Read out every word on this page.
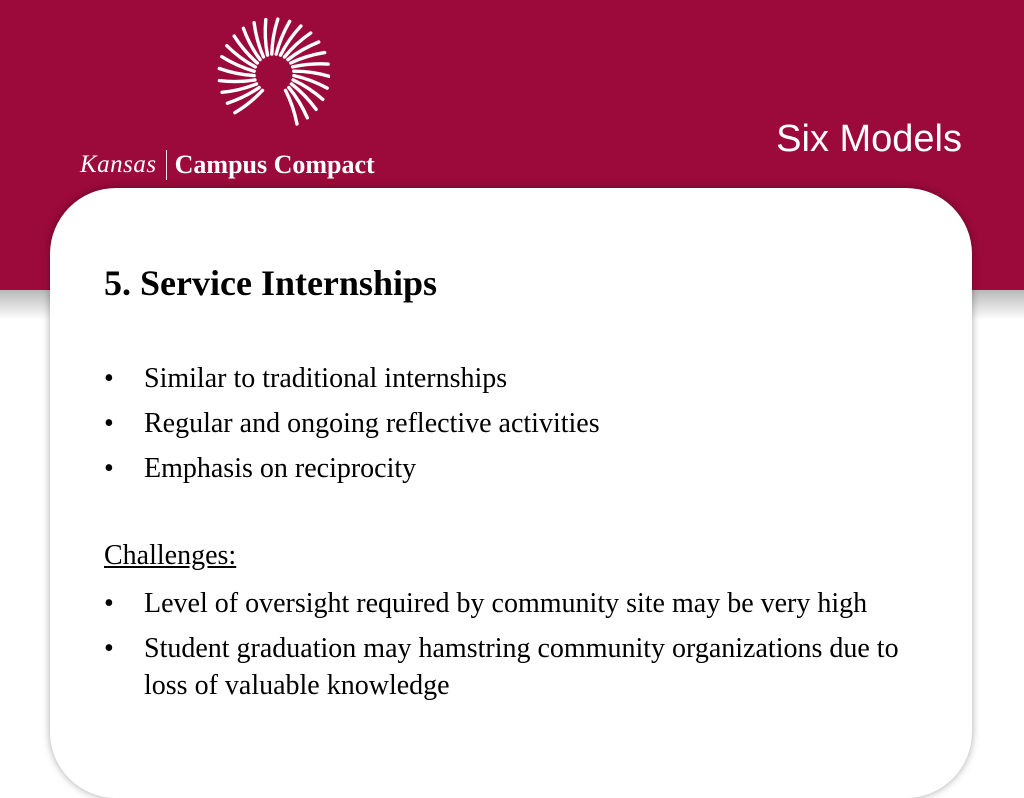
Kansas Campus Compact
Six Models
5. Service Internships
• Similar to traditional internships
• Regular and ongoing reflective activities
• Emphasis on reciprocity
Challenges:
• Level of oversight required by community site may be very high
• Student graduation may hamstring community organizations due to loss of valuable knowledge
